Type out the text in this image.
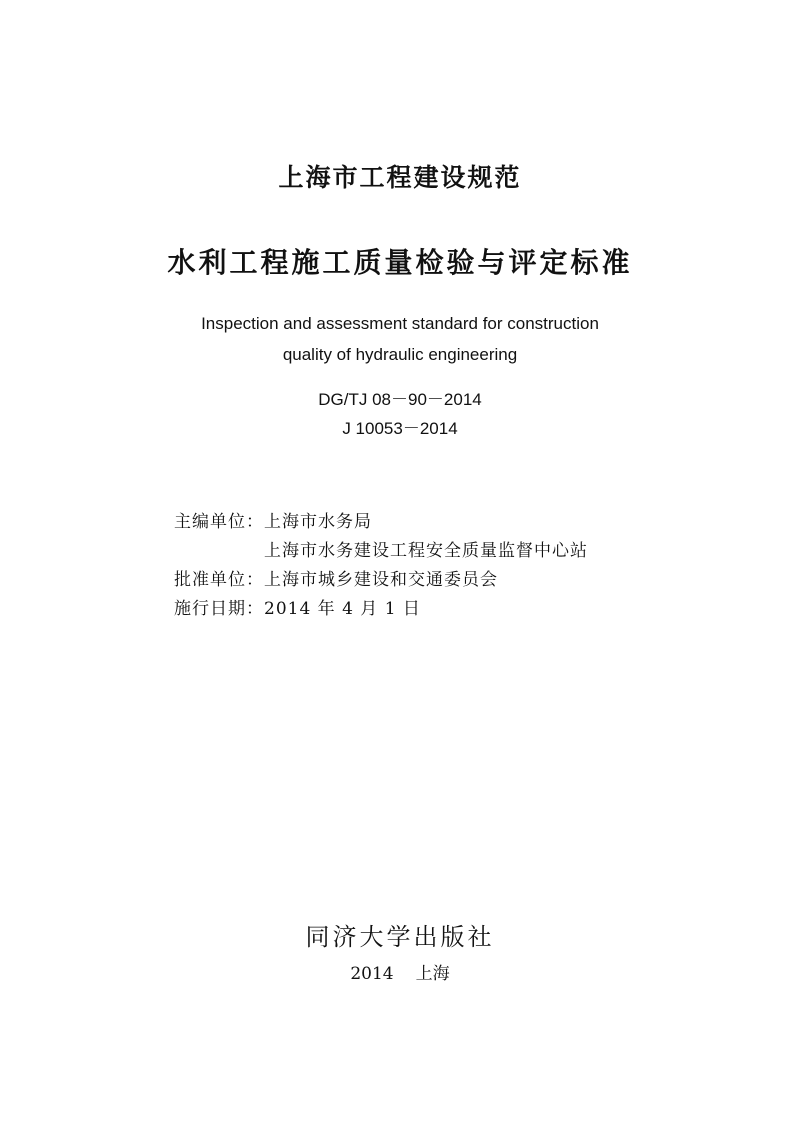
上海市工程建设规范
水利工程施工质量检验与评定标准
Inspection and assessment standard for construction
quality of hydraulic engineering
DG/TJ 08－90－2014
J 10053－2014
主编单位：上海市水务局
上海市水务建设工程安全质量监督中心站
批准单位：上海市城乡建设和交通委员会
施行日期：2014 年 4 月 1 日
同济大学出版社
2014 上海
